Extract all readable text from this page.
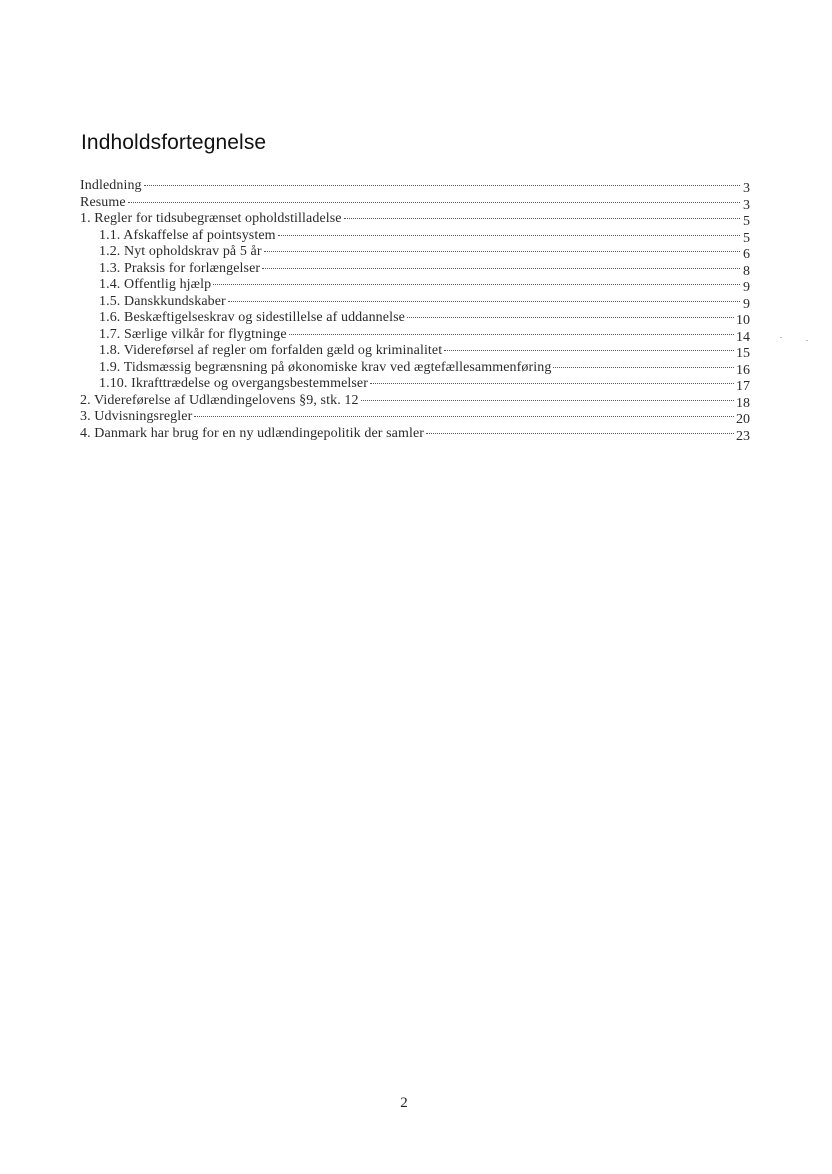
Indholdsfortegnelse
Indledning	3
Resume	3
1. Regler for tidsubegrænset opholdstilladelse	5
1.1. Afskaffelse af pointsystem	5
1.2. Nyt opholdskrav på 5 år	6
1.3. Praksis for forlængelser	8
1.4. Offentlig hjælp	9
1.5. Danskkundskaber	9
1.6. Beskæftigelseskrav og sidestillelse af uddannelse	10
1.7. Særlige vilkår for flygtninge	14
1.8. Videreførsel af regler om forfalden gæld og kriminalitet	15
1.9. Tidsmæssig begrænsning på økonomiske krav ved ægtefællesammenføring	16
1.10. Ikrafttrædelse og overgangsbestemmelser	17
2. Videreførelse af Udlændingelovens §9, stk. 12	18
3. Udvisningsregler	20
4. Danmark har brug for en ny udlændingepolitik der samler	23
2
